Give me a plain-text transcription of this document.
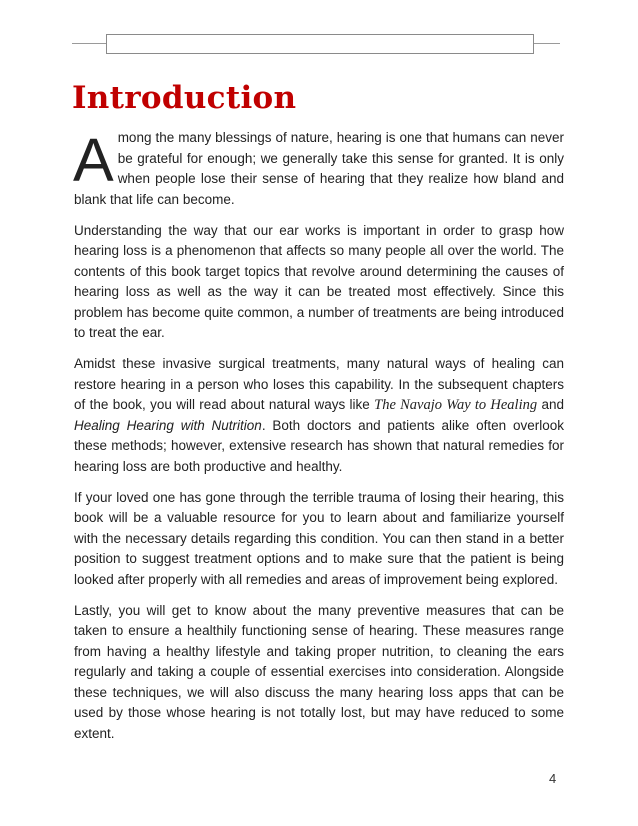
Introduction

Among the many blessings of nature, hearing is one that humans can never be grateful for enough; we generally take this sense for granted. It is only when people lose their sense of hearing that they realize how bland and blank that life can become.

Understanding the way that our ear works is important in order to grasp how hearing loss is a phenomenon that affects so many people all over the world. The contents of this book target topics that revolve around determining the causes of hearing loss as well as the way it can be treated most effectively. Since this problem has become quite common, a number of treatments are being introduced to treat the ear.

Amidst these invasive surgical treatments, many natural ways of healing can restore hearing in a person who loses this capability. In the subsequent chapters of the book, you will read about natural ways like The Navajo Way to Healing and Healing Hearing with Nutrition. Both doctors and patients alike often overlook these methods; however, extensive research has shown that natural remedies for hearing loss are both productive and healthy.

If your loved one has gone through the terrible trauma of losing their hearing, this book will be a valuable resource for you to learn about and familiarize yourself with the necessary details regarding this condition. You can then stand in a better position to suggest treatment options and to make sure that the patient is being looked after properly with all remedies and areas of improvement being explored.

Lastly, you will get to know about the many preventive measures that can be taken to ensure a healthily functioning sense of hearing. These measures range from having a healthy lifestyle and taking proper nutrition, to cleaning the ears regularly and taking a couple of essential exercises into consideration. Alongside these techniques, we will also discuss the many hearing loss apps that can be used by those whose hearing is not totally lost, but may have reduced to some extent.

4
